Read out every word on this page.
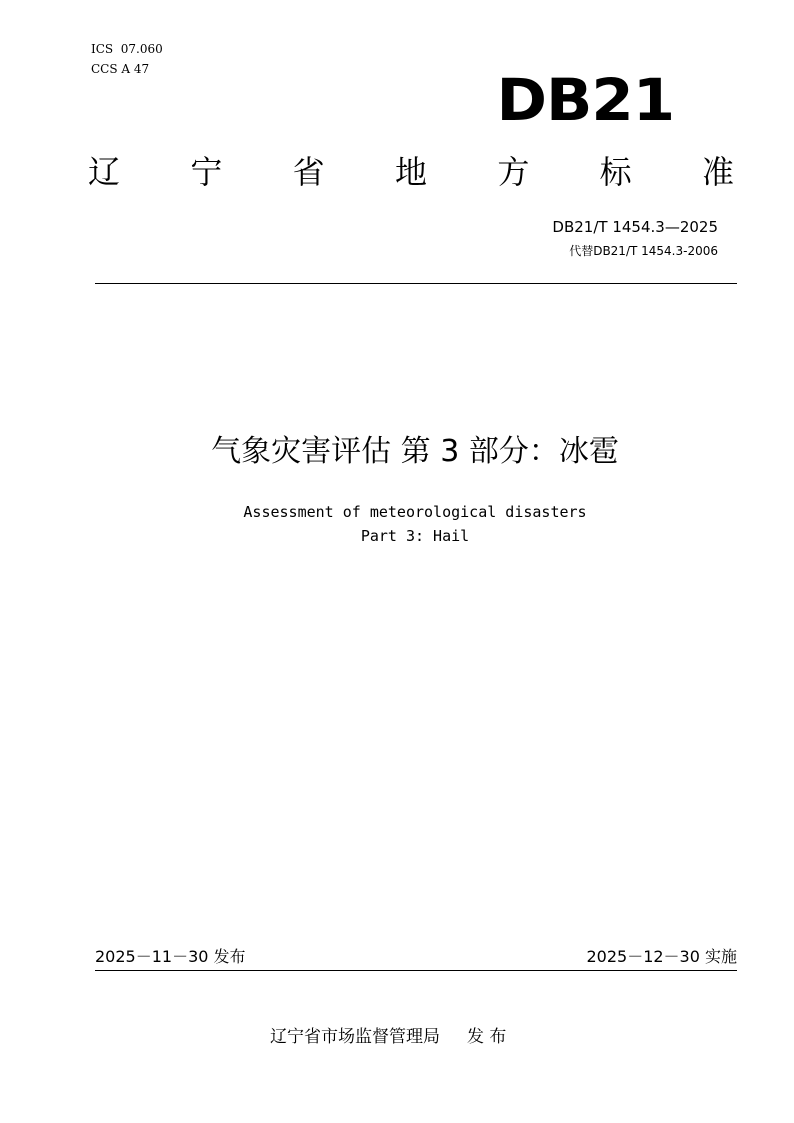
ICS  07.060
CCS A 47	DB21
辽 宁 省 地 方 标 准
DB21/T 1454.3—2025
代替DB21/T 1454.3-2006
气象灾害评估 第 3 部分：冰雹
Assessment of meteorological disasters
Part 3: Hail
2025－11－30 发布	2025－12－30 实施
辽宁省市场监督管理局     发 布
